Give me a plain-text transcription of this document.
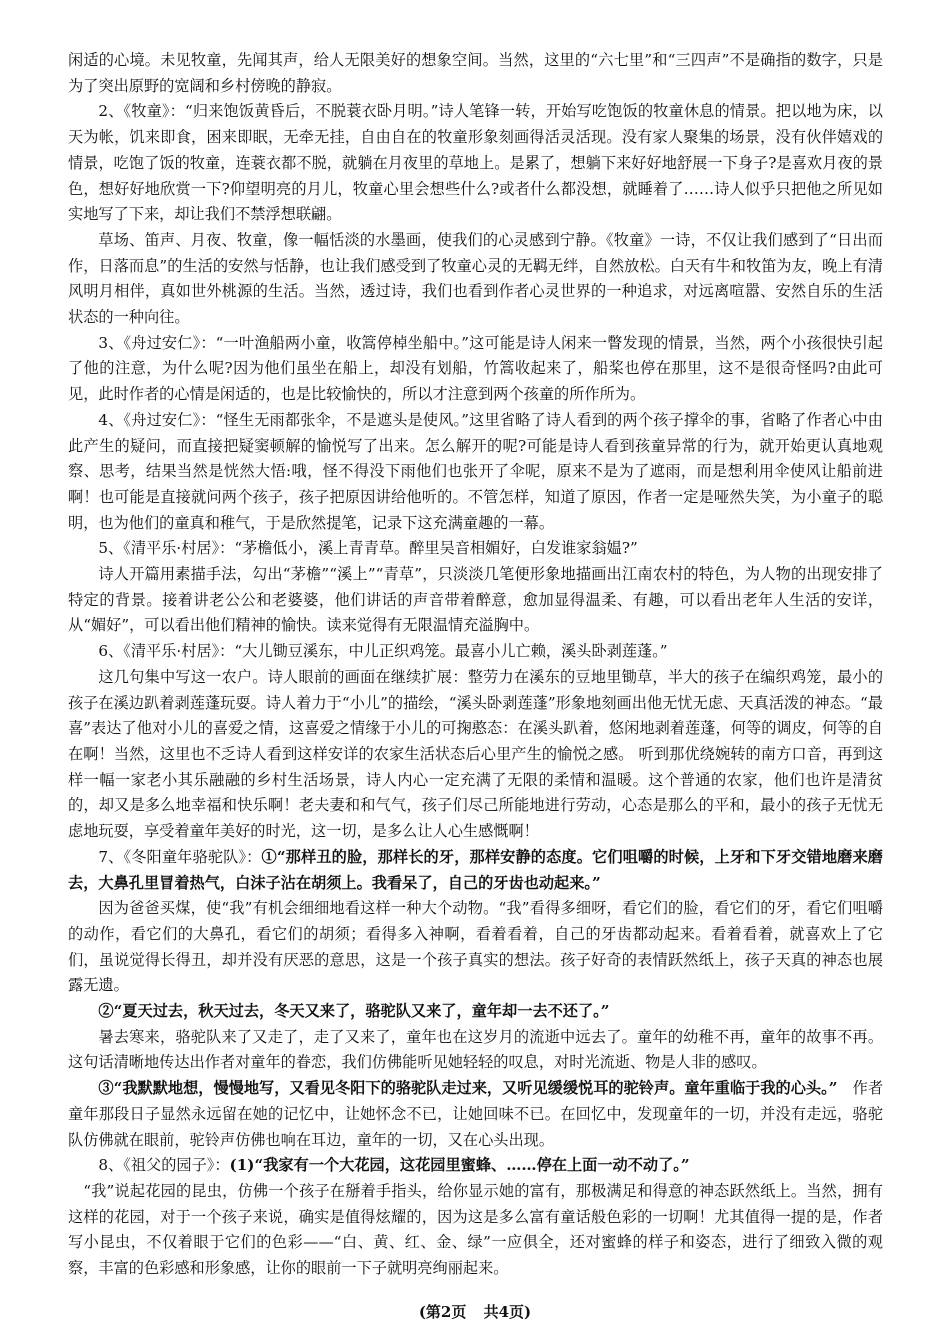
闲适的心境。未见牧童，先闻其声，给人无限美好的想象空间。当然，这里的“六七里”和“三四声”不是确指的数字，只是为了突出原野的宽阔和乡村傍晚的静寂。

2、《牧童》：“归来饱饭黄昏后，不脱蓑衣卧月明。”诗人笔锋一转，开始写吃饱饭的牧童休息的情景。把以地为床，以天为帐，饥来即食，困来即眠，无牵无挂，自由自在的牧童形象刻画得活灵活现。没有家人聚集的场景，没有伙伴嬉戏的情景，吃饱了饭的牧童，连蓑衣都不脱，就躺在月夜里的草地上。是累了，想躺下来好好地舒展一下身子?是喜欢月夜的景色，想好好地欣赏一下?仰望明亮的月儿，牧童心里会想些什么?或者什么都没想，就睡着了……诗人似乎只把他之所见如实地写了下来，却让我们不禁浮想联翩。

草场、笛声、月夜、牧童，像一幅恬淡的水墨画，使我们的心灵感到宁静。《牧童》一诗，不仅让我们感到了“日出而作，日落而息”的生活的安然与恬静，也让我们感受到了牧童心灵的无羁无绊，自然放松。白天有牛和牧笛为友，晚上有清风明月相伴，真如世外桃源的生活。当然，透过诗，我们也看到作者心灵世界的一种追求，对远离喧嚣、安然自乐的生活状态的一种向往。

3、《舟过安仁》：“一叶渔船两小童，收篙停棹坐船中。”这可能是诗人闲来一瞥发现的情景，当然，两个小孩很快引起了他的注意，为什么呢?因为他们虽坐在船上，却没有划船，竹篙收起来了，船桨也停在那里，这不是很奇怪吗?由此可见，此时作者的心情是闲适的，也是比较愉快的，所以才注意到两个孩童的所作所为。

4、《舟过安仁》：“怪生无雨都张伞，不是遮头是使风。”这里省略了诗人看到的两个孩子撑伞的事，省略了作者心中由此产生的疑问，而直接把疑窦顿解的愉悦写了出来。怎么解开的呢?可能是诗人看到孩童异常的行为，就开始更认真地观察、思考，结果当然是恍然大悟:哦，怪不得没下雨他们也张开了伞呢，原来不是为了遮雨，而是想利用伞使风让船前进啊！也可能是直接就问两个孩子，孩子把原因讲给他听的。不管怎样，知道了原因，作者一定是哑然失笑，为小童子的聪明，也为他们的童真和稚气，于是欣然提笔，记录下这充满童趣的一幕。

5、《清平乐·村居》：“茅檐低小，溪上青青草。醉里吴音相媚好，白发谁家翁媪?”

诗人开篇用素描手法，勾出“茅檐”“溪上”“青草”，只淡淡几笔便形象地描画出江南农村的特色，为人物的出现安排了特定的背景。接着讲老公公和老婆婆，他们讲话的声音带着醉意，愈加显得温柔、有趣，可以看出老年人生活的安详，从“媚好”，可以看出他们精神的愉快。读来觉得有无限温情充溢胸中。

6、《清平乐·村居》：“大儿锄豆溪东，中儿正织鸡笼。最喜小儿亡赖，溪头卧剥莲蓬。”

这几句集中写这一农户。诗人眼前的画面在继续扩展：整劳力在溪东的豆地里锄草，半大的孩子在编织鸡笼，最小的孩子在溪边趴着剥莲蓬玩耍。诗人着力于“小儿”的描绘，“溪头卧剥莲蓬”形象地刻画出他无忧无虑、天真活泼的神态。“最喜”表达了他对小儿的喜爱之情，这喜爱之情缘于小儿的可掬憨态：在溪头趴着，悠闲地剥着莲蓬，何等的调皮，何等的自在啊！当然，这里也不乏诗人看到这样安详的农家生活状态后心里产生的愉悦之感。 听到那优绕婉转的南方口音，再到这样一幅一家老小其乐融融的乡村生活场景，诗人内心一定充满了无限的柔情和温暖。这个普通的农家，他们也许是清贫的，却又是多么地幸福和快乐啊！老夫妻和和气气，孩子们尽己所能地进行劳动，心态是那么的平和，最小的孩子无忧无虑地玩耍，享受着童年美好的时光，这一切，是多么让人心生感慨啊！

7、《冬阳童年骆驼队》：①“那样丑的脸，那样长的牙，那样安静的态度。它们咀嚼的时候，上牙和下牙交错地磨来磨去，大鼻孔里冒着热气，白沫子沾在胡须上。我看呆了，自己的牙齿也动起来。”

因为爸爸买煤，使“我”有机会细细地看这样一种大个动物。“我”看得多细呀，看它们的脸，看它们的牙，看它们咀嚼的动作，看它们的大鼻孔，看它们的胡须；看得多入神啊，看着看着，自己的牙齿都动起来。看着看着，就喜欢上了它们，虽说觉得长得丑，却并没有厌恶的意思，这是一个孩子真实的想法。孩子好奇的表情跃然纸上，孩子天真的神态也展露无遗。

②“夏天过去，秋天过去，冬天又来了，骆驼队又来了，童年却一去不还了。”

暑去寒来，骆驼队来了又走了，走了又来了，童年也在这岁月的流逝中远去了。童年的幼稚不再，童年的故事不再。这句话清晰地传达出作者对童年的眷恋，我们仿佛能听见她轻轻的叹息，对时光流逝、物是人非的感叹。

③“我默默地想，慢慢地写，又看见冬阳下的骆驼队走过来，又听见缓缓悦耳的驼铃声。童年重临于我的心头。”　作者童年那段日子显然永远留在她的记忆中，让她怀念不已，让她回味不已。在回忆中，发现童年的一切，并没有走远，骆驼队仿佛就在眼前，驼铃声仿佛也响在耳边，童年的一切，又在心头出现。

8、《祖父的园子》：(1)“我家有一个大花园，这花园里蜜蜂、……停在上面一动不动了。”

“我”说起花园的昆虫，仿佛一个孩子在掰着手指头，给你显示她的富有，那极满足和得意的神态跃然纸上。当然，拥有这样的花园，对于一个孩子来说，确实是值得炫耀的，因为这是多么富有童话般色彩的一切啊！尤其值得一提的是，作者写小昆虫，不仅着眼于它们的色彩——“白、黄、红、金、绿”一应俱全，还对蜜蜂的样子和姿态，进行了细致入微的观察，丰富的色彩感和形象感，让你的眼前一下子就明亮绚丽起来。

(第2页 共4页)
